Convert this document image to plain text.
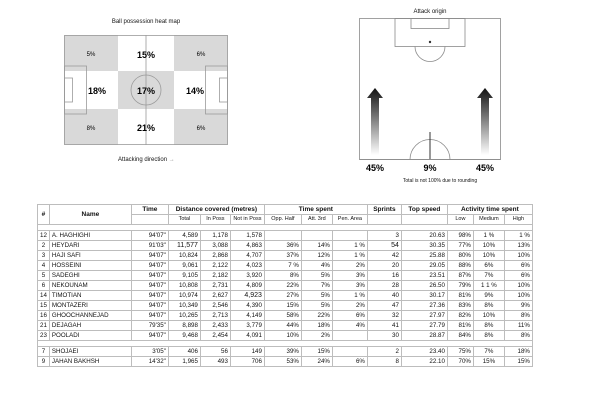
Ball possession heat map
5%	15%	6%
18%	17%	14%
8%	21%	6%
Attacking direction →
Attack origin
45%	9%	45%
Total is not 100% due to rounding
#	Name	Time	Distance covered (metres)			Time spent			Sprints	Top speed	Activity time spent		
			Total	In Poss	Not in Poss	Opp. Half	Att. 3rd	Pen. Area			Low	Medium	High

12	A. HAGHIGHI	94'07"	4,589	1,178	1,578				3	20.63	98%	1 %	1 %
2	HEYDARI	91'03"	11,577	3,088	4,863	36%	14%	1 %	54	30.35	77%	10%	13%
3	HAJI SAFI	94'07"	10,824	2,868	4,707	37%	12%	1 %	42	25.88	80%	10%	10%
4	HOSSEINI	94'07"	9,061	2,122	4,023	7 %	4%	2%	20	29.05	88%	6%	6%
5	SADEGHI	94'07"	9,105	2,182	3,920	8%	5%	3%	16	23.51	87%	7%	6%
6	NEKOUNAM	94'07"	10,808	2,731	4,809	22%	7%	3%	28	26.50	79%	1 1 %	10%
14	TIMOTIAN	94'07"	10,974	2,627	4,923	27%	5%	1 %	40	30.17	81%	9%	10%
15	MONTAZERI	94'07"	10,349	2,546	4,390	15%	5%	2%	47	27.36	83%	8%	9%
16	GHOOCHANNEJAD	94'07"	10,265	2,713	4,149	58%	22%	6%	32	27.97	82%	10%	8%
21	DEJAGAH	79'35"	8,898	2,433	3,779	44%	18%	4%	41	27.79	81%	8%	11%
23	POOLADI	94'07"	9,468	2,454	4,091	10%	2%		30	28.87	84%	8%	8%

7	SHOJAEI	3'05"	406	56	149	39%	15%		2	23.40	75%	7%	18%
9	JAHAN BAKHSH	14'32"	1,965	493	706	53%	24%	6%	8	22.10	70%	15%	15%
